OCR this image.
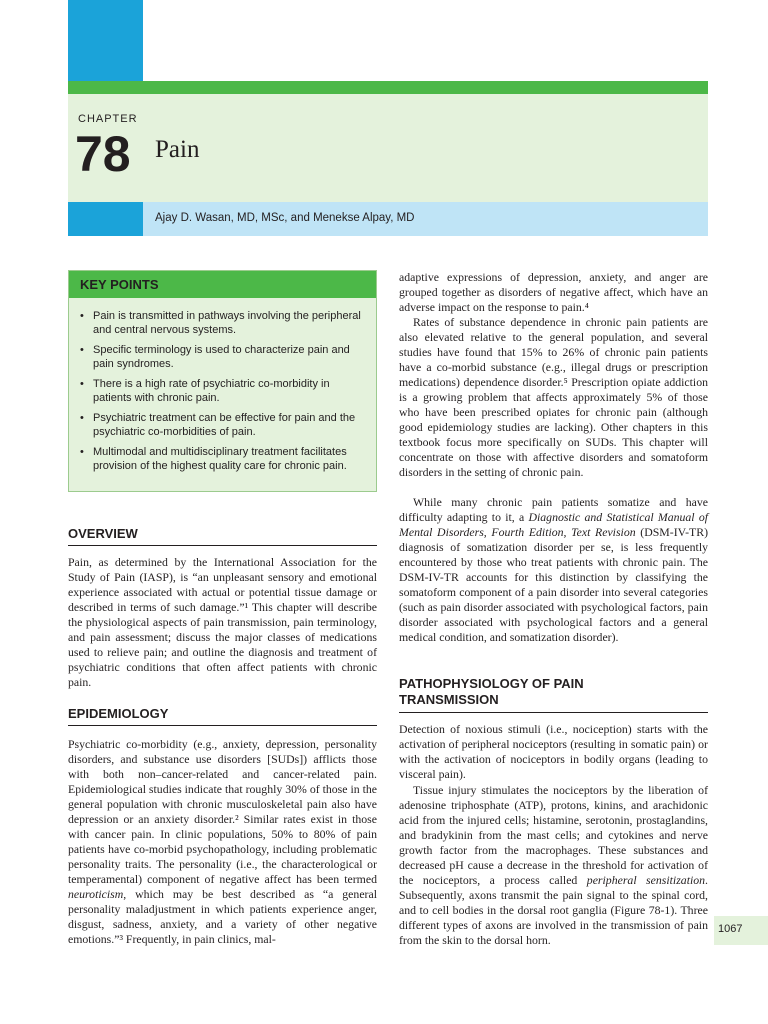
CHAPTER
78 Pain
Ajay D. Wasan, MD, MSc, and Menekse Alpay, MD
KEY POINTS
• Pain is transmitted in pathways involving the peripheral and central nervous systems.
• Specific terminology is used to characterize pain and pain syndromes.
• There is a high rate of psychiatric co-morbidity in patients with chronic pain.
• Psychiatric treatment can be effective for pain and the psychiatric co-morbidities of pain.
• Multimodal and multidisciplinary treatment facilitates provision of the highest quality care for chronic pain.
OVERVIEW

Pain, as determined by the International Association for the Study of Pain (IASP), is “an unpleasant sensory and emotional experience associated with actual or potential tissue damage or described in terms of such damage.”¹ This chapter will describe the physiological aspects of pain transmission, pain terminology, and pain assessment; discuss the major classes of medications used to relieve pain; and outline the diagnosis and treatment of psychiatric conditions that often affect patients with chronic pain.

EPIDEMIOLOGY

Psychiatric co-morbidity (e.g., anxiety, depression, personality disorders, and substance use disorders [SUDs]) afflicts those with both non–cancer-related and cancer-related pain. Epidemiological studies indicate that roughly 30% of those in the general population with chronic musculoskeletal pain also have depression or an anxiety disorder.² Similar rates exist in those with cancer pain. In clinic populations, 50% to 80% of pain patients have co-morbid psychopathology, including problematic personality traits. The personality (i.e., the characterological or temperamental) component of negative affect has been termed neuroticism, which may be best described as “a general personality maladjustment in which patients experience anger, disgust, sadness, anxiety, and a variety of other negative emotions.”³ Frequently, in pain clinics, mal-

adaptive expressions of depression, anxiety, and anger are grouped together as disorders of negative affect, which have an adverse impact on the response to pain.⁴

Rates of substance dependence in chronic pain patients are also elevated relative to the general population, and several studies have found that 15% to 26% of chronic pain patients have a co-morbid substance (e.g., illegal drugs or prescription medications) dependence disorder.⁵ Prescription opiate addiction is a growing problem that affects approximately 5% of those who have been prescribed opiates for chronic pain (although good epidemiology studies are lacking). Other chapters in this textbook focus more specifically on SUDs. This chapter will concentrate on those with affective disorders and somatoform disorders in the setting of chronic pain.

While many chronic pain patients somatize and have difficulty adapting to it, a Diagnostic and Statistical Manual of Mental Disorders, Fourth Edition, Text Revision (DSM-IV-TR) diagnosis of somatization disorder per se, is less frequently encountered by those who treat patients with chronic pain. The DSM-IV-TR accounts for this distinction by classifying the somatoform component of a pain disorder into several categories (such as pain disorder associated with psychological factors, pain disorder associated with psychological factors and a general medical condition, and somatization disorder).

PATHOPHYSIOLOGY OF PAIN
TRANSMISSION

Detection of noxious stimuli (i.e., nociception) starts with the activation of peripheral nociceptors (resulting in somatic pain) or with the activation of nociceptors in bodily organs (leading to visceral pain).

Tissue injury stimulates the nociceptors by the liberation of adenosine triphosphate (ATP), protons, kinins, and arachidonic acid from the injured cells; histamine, serotonin, prostaglandins, and bradykinin from the mast cells; and cytokines and nerve growth factor from the macrophages. These substances and decreased pH cause a decrease in the threshold for activation of the nociceptors, a process called peripheral sensitization. Subsequently, axons transmit the pain signal to the spinal cord, and to cell bodies in the dorsal root ganglia (Figure 78-1). Three different types of axons are involved in the transmission of pain from the skin to the dorsal horn.

1067
